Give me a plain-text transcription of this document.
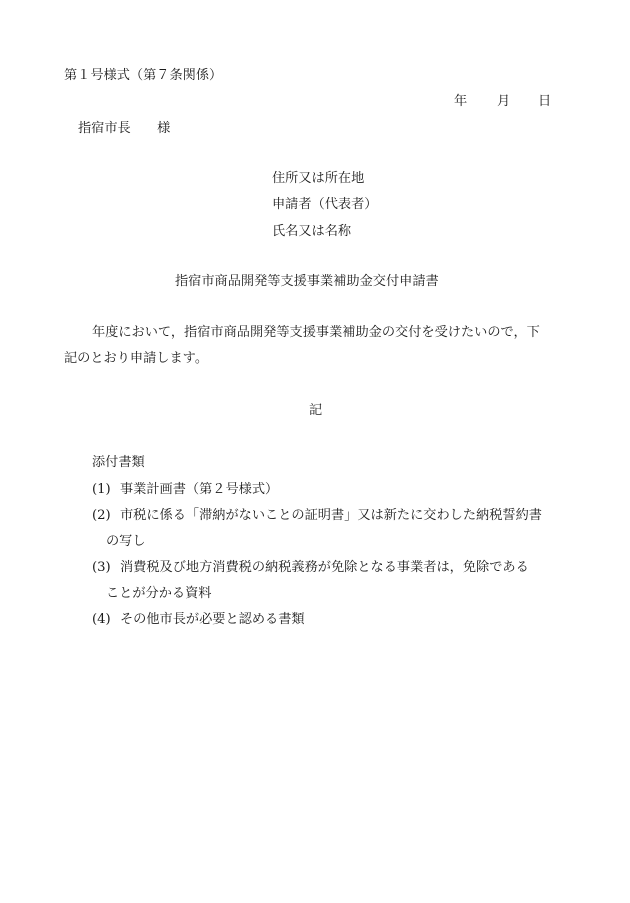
第１号様式（第７条関係）
年 月 日
指宿市長　　様
住所又は所在地
申請者（代表者）
氏名又は名称
指宿市商品開発等支援事業補助金交付申請書
年度において，指宿市商品開発等支援事業補助金の交付を受けたいので，下
記のとおり申請します。
記
添付書類
(1) 事業計画書（第２号様式）
(2) 市税に係る「滞納がないことの証明書」又は新たに交わした納税誓約書
の写し
(3) 消費税及び地方消費税の納税義務が免除となる事業者は，免除である
ことが分かる資料
(4) その他市長が必要と認める書類
